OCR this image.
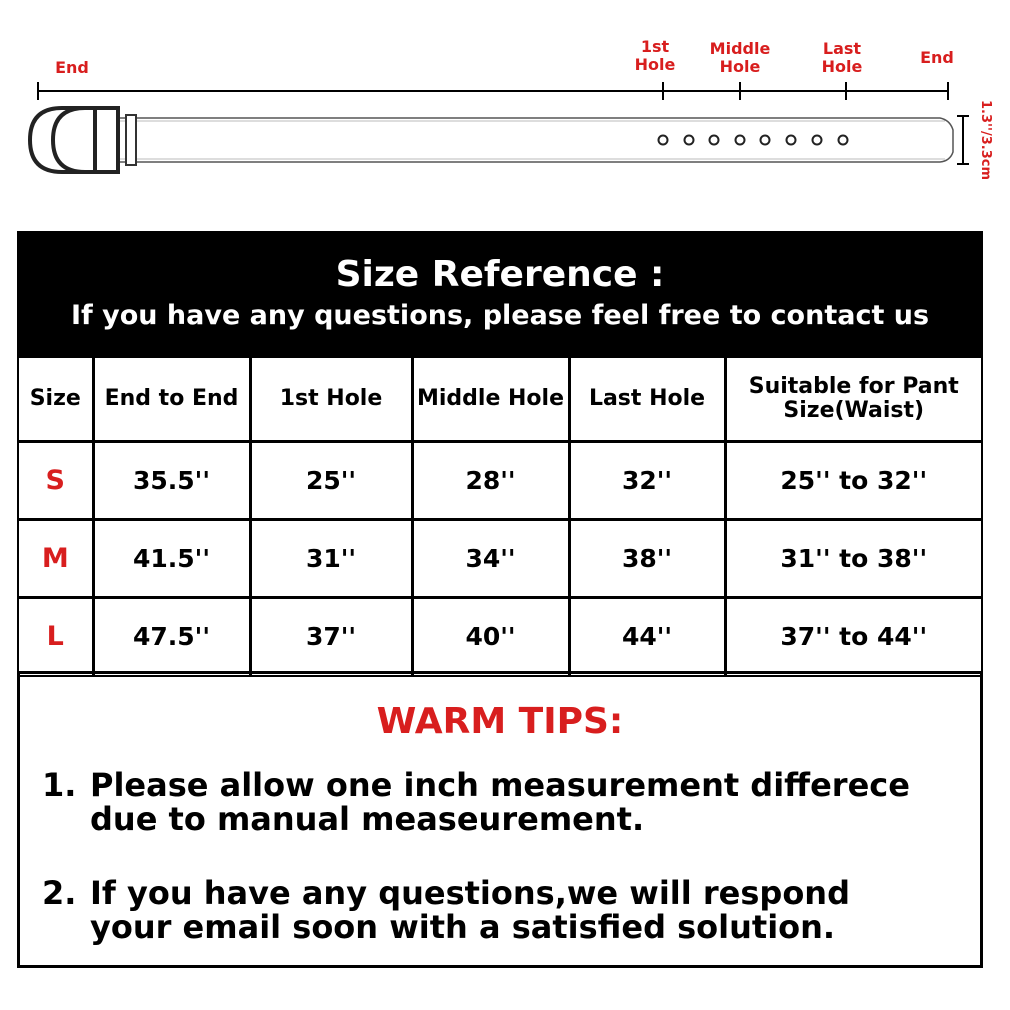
End
1st Hole
Middle Hole
Last Hole	End
1.3''/3.3cm
Size Reference :
If you have any questions, please feel free to contact us
Size	End to End	1st Hole	Middle Hole	Last Hole	Suitable for Pant Size(Waist)
S	35.5''	25''	28''	32''	25'' to 32''
M	41.5''	31''	34''	38''	31'' to 38''
L	47.5''	37''	40''	44''	37'' to 44''
WARM TIPS:
1. Please allow one inch measurement differece due to manual measeurement.
2. If you have any questions,we will respond your email soon with a satisfied solution.
